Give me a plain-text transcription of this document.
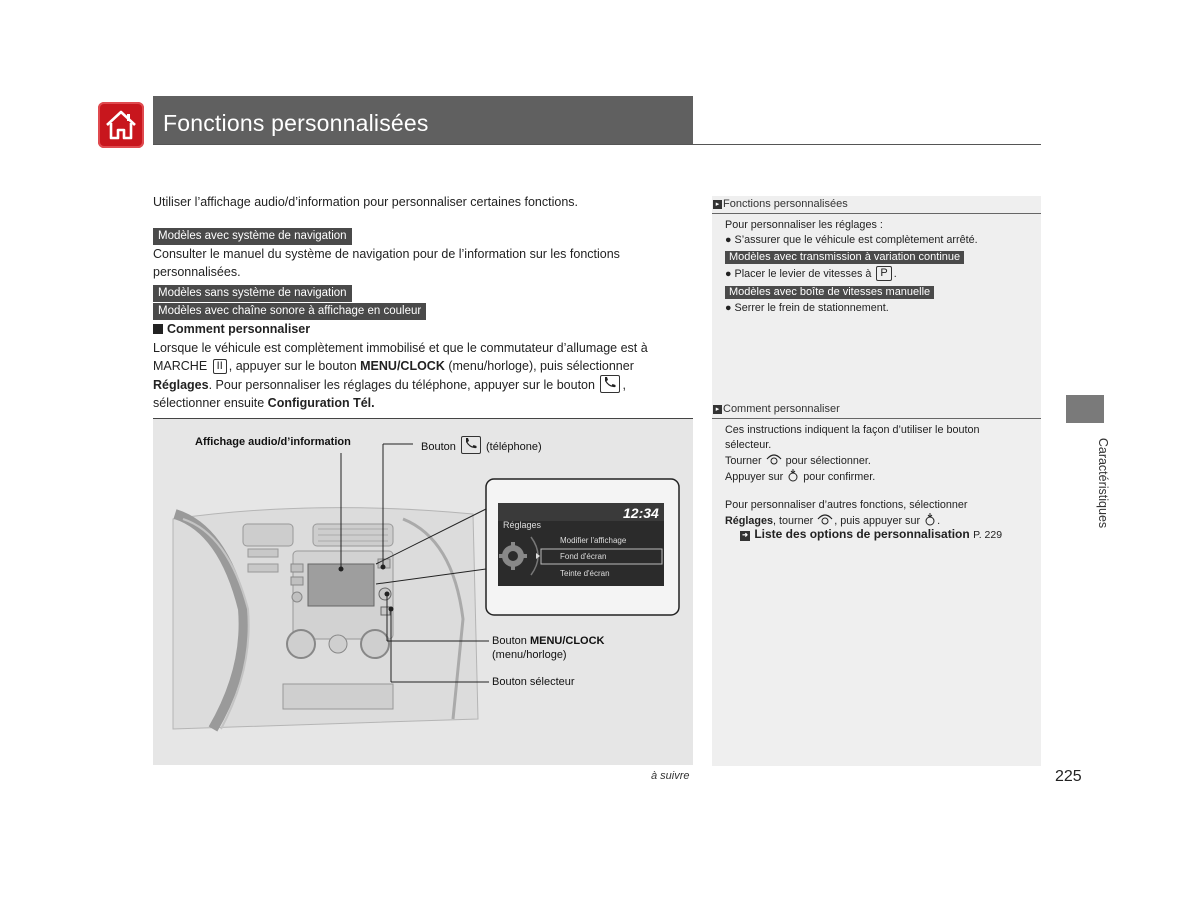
Fonctions personnalisées
Utiliser l’affichage audio/d’information pour personnaliser certaines fonctions.
Modèles avec système de navigation
Consulter le manuel du système de navigation pour de l’information sur les fonctions personnalisées.
Modèles sans système de navigation
Modèles avec chaîne sonore à affichage en couleur
Comment personnaliser
Lorsque le véhicule est complètement immobilisé et que le commutateur d’allumage est à
MARCHE II , appuyer sur le bouton MENU/CLOCK (menu/horloge), puis sélectionner
Réglages. Pour personnaliser les réglages du téléphone, appuyer sur le bouton ,
sélectionner ensuite Configuration Tél.
12:34
Réglages
Modifier l'affichage
Fond d'écran
Teinte d'écran
Affichage audio/d’information	Bouton	(téléphone)
Bouton MENU/CLOCK
(menu/horloge)
Bouton sélecteur
▸ Fonctions personnalisées
Pour personnaliser les réglages :
● S’assurer que le véhicule est complètement arrêté.
Modèles avec transmission à variation continue
● Placer le levier de vitesses à P .
Modèles avec boîte de vitesses manuelle
● Serrer le frein de stationnement.
▸ Comment personnaliser
Ces instructions indiquent la façon d’utiliser le bouton
sélecteur.
Tourner pour sélectionner.
Appuyer sur pour confirmer.
Pour personnaliser d’autres fonctions, sélectionner
Réglages, tourner , puis appuyer sur .
➜ Liste des options de personnalisation P. 229
à suivre	225
Caractéristiques
